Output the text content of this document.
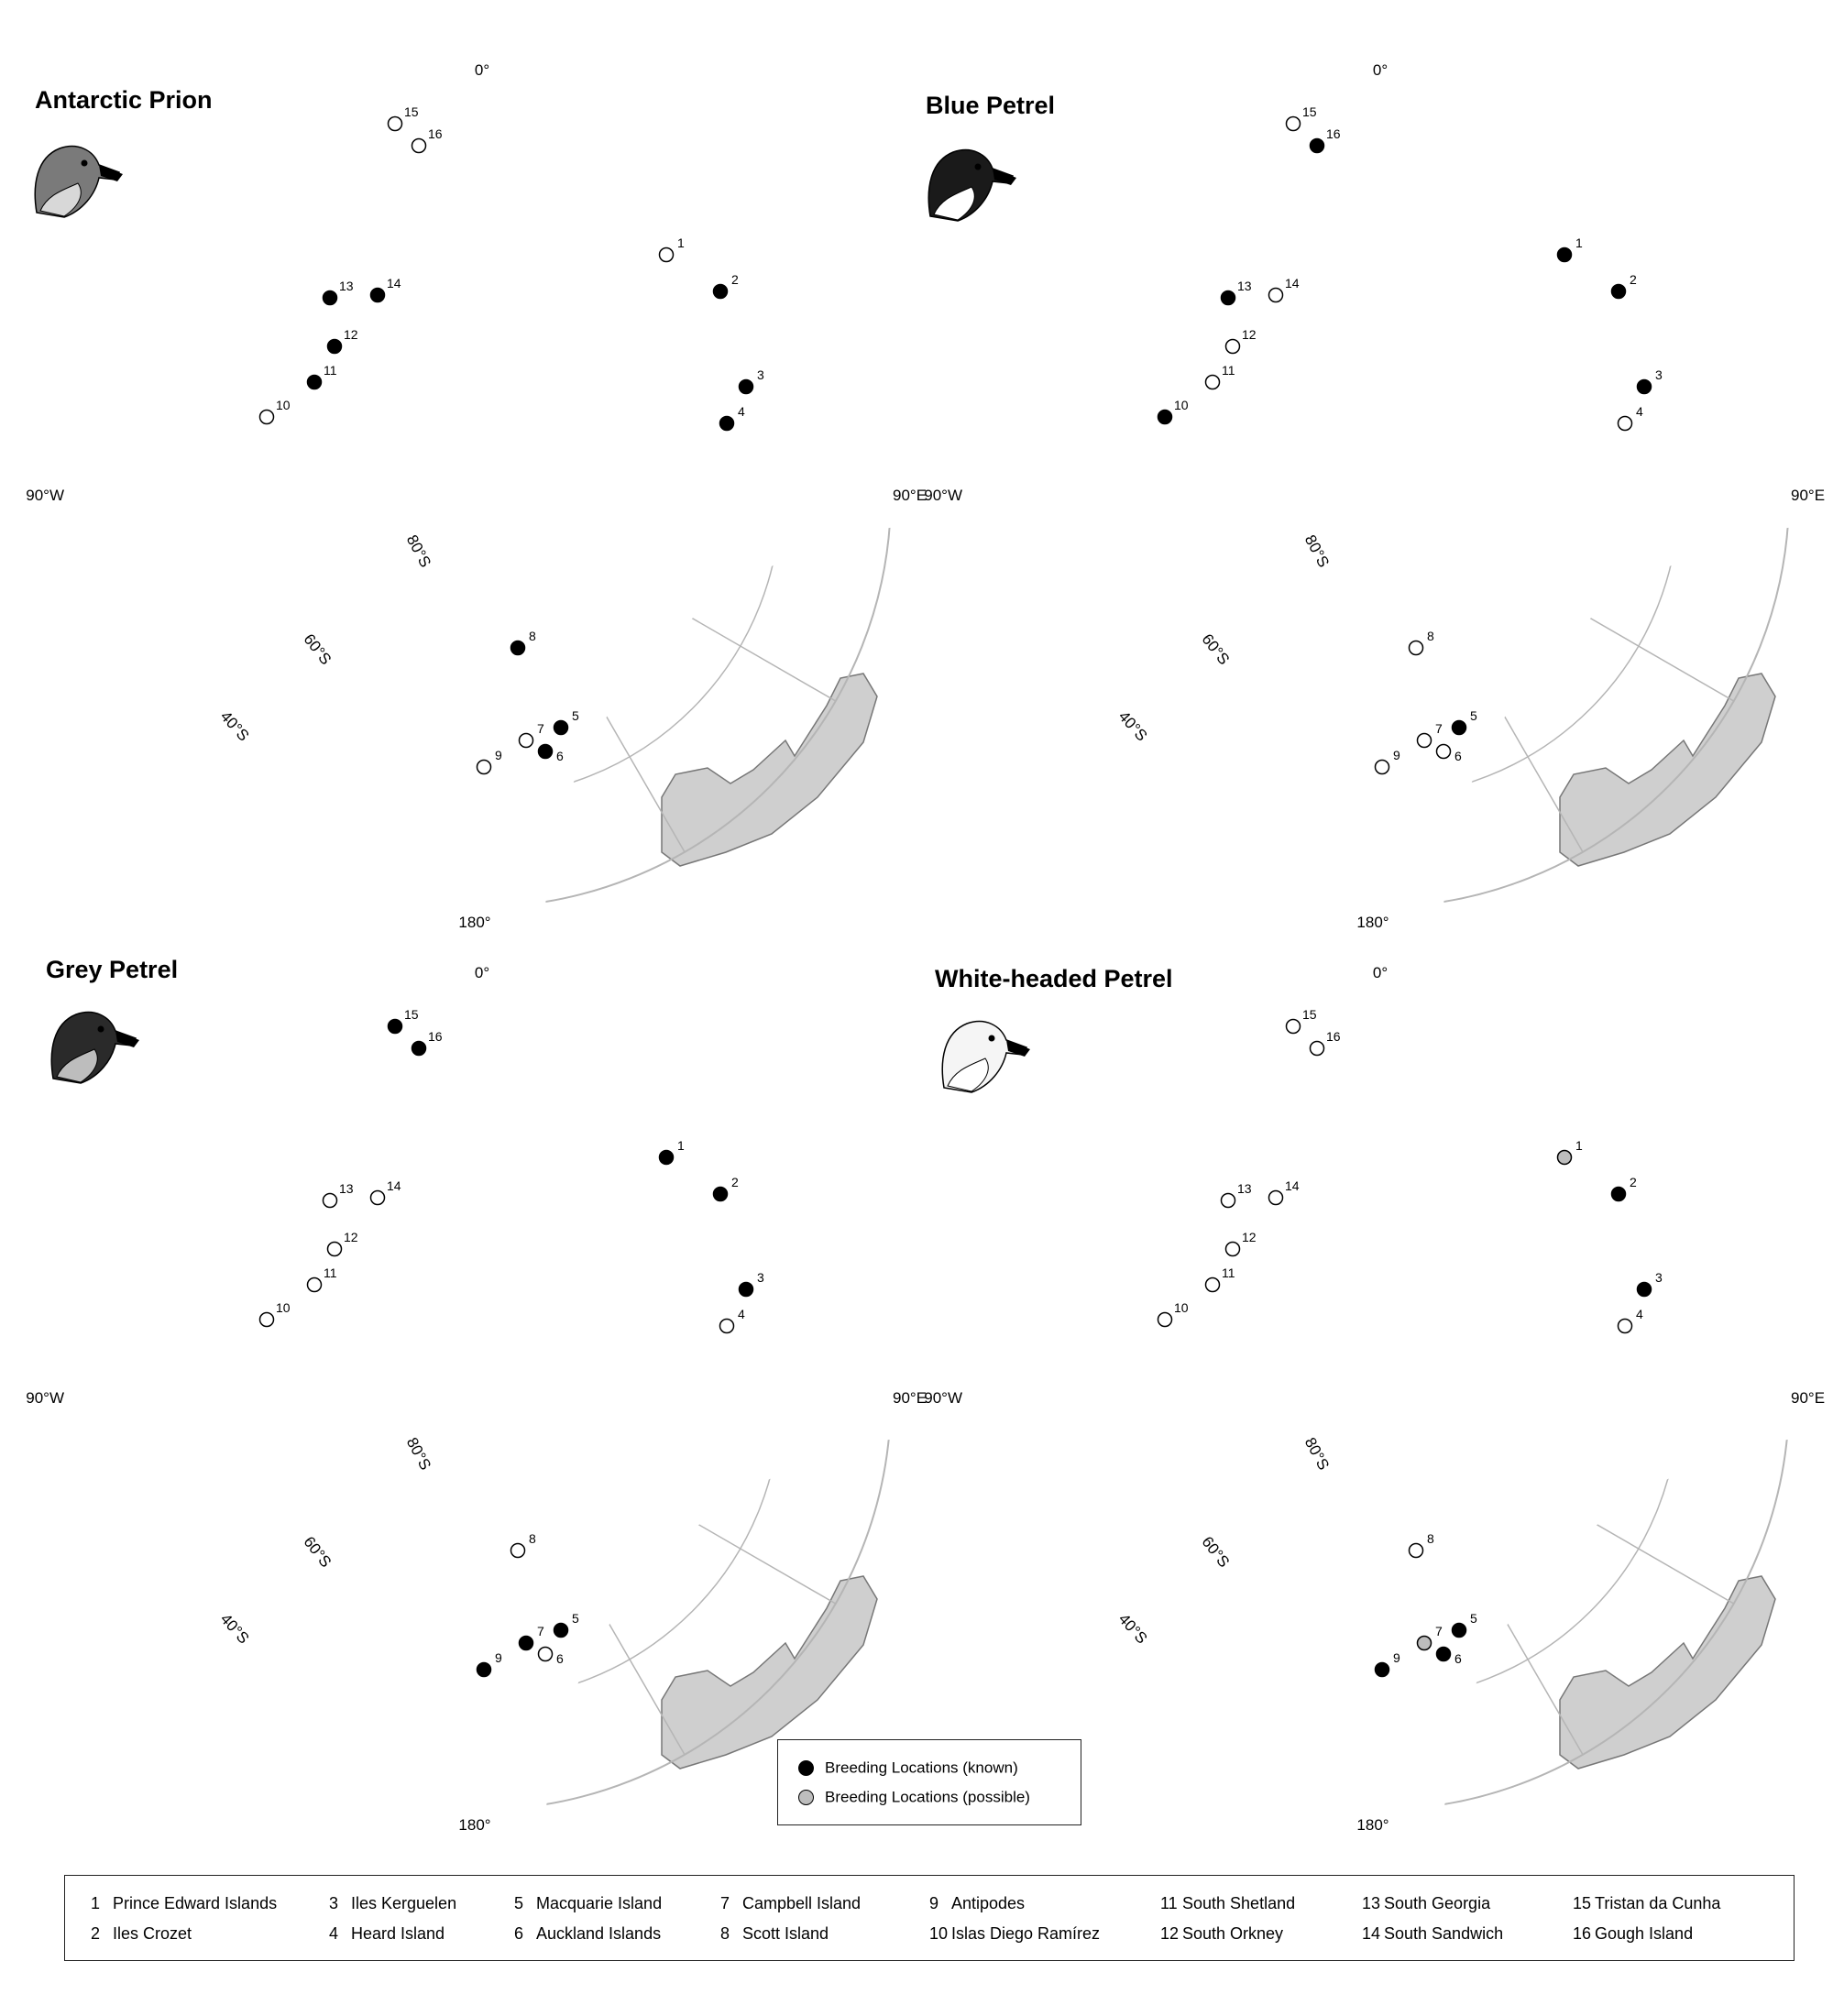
0°
90°W	90°E
180°
80°S
60°S
40°S
1
2
3
4
5
6
7
8
9
10
11
12
13	14
15
16
Antarctic Prion
0°
90°W	90°E
180°
80°S
60°S
40°S
1
2
3
4
5
6
7
8
9
10
11
12
13	14
15
16
Blue Petrel
0°
90°W	90°E
180°
80°S
60°S
40°S
1
2
3
4
5
6
7
8
9
10
11
12
13	14
15
16
Grey Petrel	0°
90°W	90°E
180°
80°S
60°S
40°S
1
2
3
4
5
6
7
8
9
10
11
12
13	14
15
16
White-headed Petrel
Breeding Locations (known)
Breeding Locations (possible)
1 Prince Edward Islands
2 Iles Crozet
3 Iles Kerguelen
4 Heard Island
5 Macquarie Island
6 Auckland Islands
7 Campbell Island
8 Scott Island
9 Antipodes
10 Islas Diego Ramírez
11 South Shetland
12 South Orkney
13 South Georgia
14 South Sandwich
15 Tristan da Cunha
16 Gough Island
